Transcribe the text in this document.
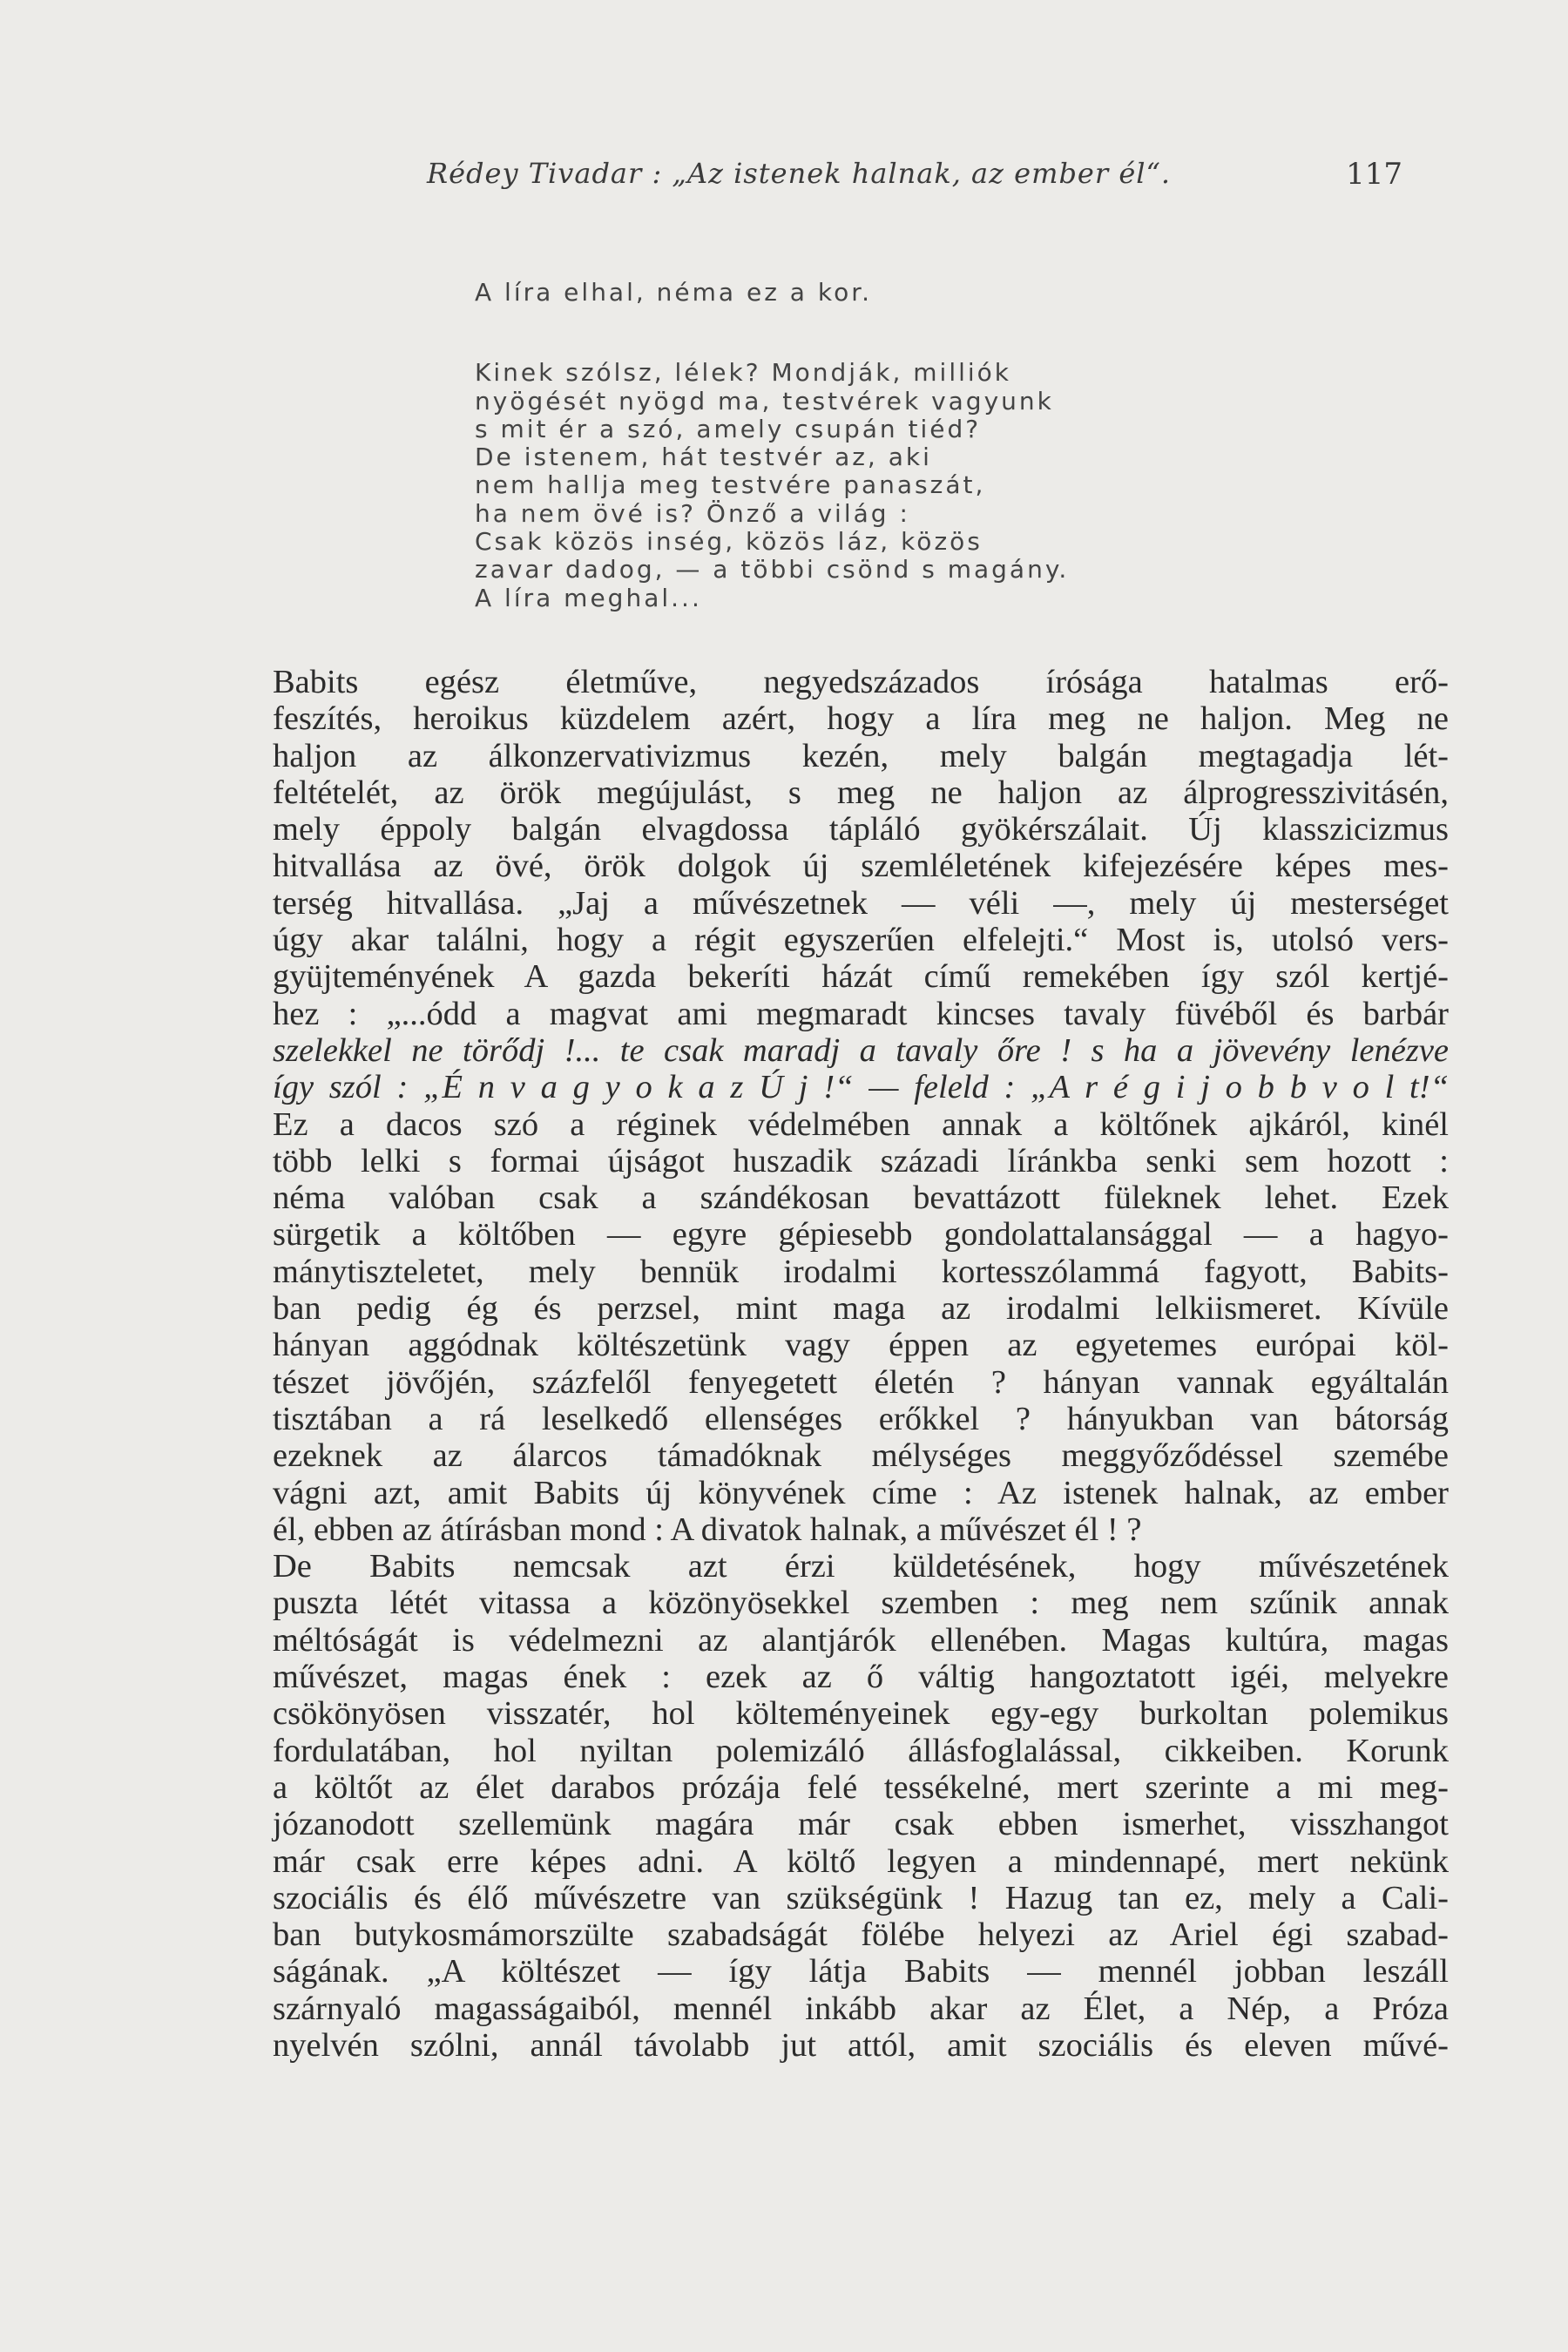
Rédey Tivadar : „Az istenek halnak, az ember él“.	117
A líra elhal, néma ez a kor.
Kinek szólsz, lélek? Mondják, milliók
nyögését nyögd ma, testvérek vagyunk
s mit ér a szó, amely csupán tiéd?
De istenem, hát testvér az, aki
nem hallja meg testvére panaszát,
ha nem övé is? Önző a világ :
Csak közös inség, közös láz, közös
zavar dadog, — a többi csönd s magány.
A líra meghal...
Babits egész életműve, negyedszázados írósága hatalmas erő-
feszítés, heroikus küzdelem azért, hogy a líra meg ne haljon. Meg ne
haljon az álkonzervativizmus kezén, mely balgán megtagadja lét-
feltételét, az örök megújulást, s meg ne haljon az álprogresszivitásén,
mely éppoly balgán elvagdossa tápláló gyökérszálait. Új klasszicizmus
hitvallása az övé, örök dolgok új szemléletének kifejezésére képes mes-
terség hitvallása. „Jaj a művészetnek — véli —, mely új mesterséget
úgy akar találni, hogy a régit egyszerűen elfelejti.“ Most is, utolsó vers-
gyüjteményének A gazda bekeríti házát című remekében így szól kertjé-
hez : „...ódd a magvat ami megmaradt kincses tavaly füvéből és barbár
szelekkel ne törődj !... te csak maradj a tavaly őre ! s ha a jövevény lenézve
így szól : „É n v a g y o k a z Ú j !“ — feleld : „A r é g i j o b b v o l t!“
Ez a dacos szó a réginek védelmében annak a költőnek ajkáról, kinél
több lelki s formai újságot huszadik századi líránkba senki sem hozott :
néma valóban csak a szándékosan bevattázott füleknek lehet. Ezek
sürgetik a költőben — egyre gépiesebb gondolattalansággal — a hagyo-
mánytiszteletet, mely bennük irodalmi kortesszólammá fagyott, Babits-
ban pedig ég és perzsel, mint maga az irodalmi lelkiismeret. Kívüle
hányan aggódnak költészetünk vagy éppen az egyetemes európai köl-
tészet jövőjén, százfelől fenyegetett életén ? hányan vannak egyáltalán
tisztában a rá leselkedő ellenséges erőkkel ? hányukban van bátorság
ezeknek az álarcos támadóknak mélységes meggyőződéssel szemébe
vágni azt, amit Babits új könyvének címe : Az istenek halnak, az ember
él, ebben az átírásban mond : A divatok halnak, a művészet él ! ?
De Babits nemcsak azt érzi küldetésének, hogy művészetének
puszta létét vitassa a közönyösekkel szemben : meg nem szűnik annak
méltóságát is védelmezni az alantjárók ellenében. Magas kultúra, magas
művészet, magas ének : ezek az ő váltig hangoztatott igéi, melyekre
csökönyösen visszatér, hol költeményeinek egy-egy burkoltan polemikus
fordulatában, hol nyiltan polemizáló állásfoglalással, cikkeiben. Korunk
a költőt az élet darabos prózája felé tessékelné, mert szerinte a mi meg-
józanodott szellemünk magára már csak ebben ismerhet, visszhangot
már csak erre képes adni. A költő legyen a mindennapé, mert nekünk
szociális és élő művészetre van szükségünk ! Hazug tan ez, mely a Cali-
ban butykosmámorszülte szabadságát fölébe helyezi az Ariel égi szabad-
ságának. „A költészet — így látja Babits — mennél jobban leszáll
szárnyaló magasságaiból, mennél inkább akar az Élet, a Nép, a Próza
nyelvén szólni, annál távolabb jut attól, amit szociális és eleven művé-
